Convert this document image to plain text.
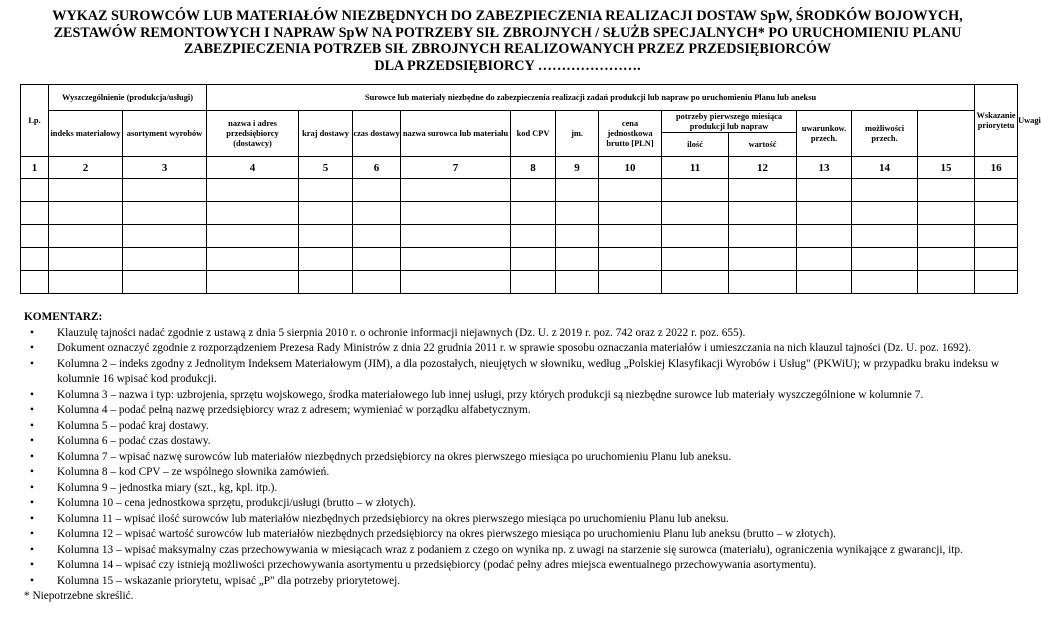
WYKAZ SUROWCÓW LUB MATERIAŁÓW NIEZBĘDNYCH DO ZABEZPIECZENIA REALIZACJI DOSTAW SpW, ŚRODKÓW BOJOWYCH,
ZESTAWÓW REMONTOWYCH I NAPRAW SpW NA POTRZEBY SIŁ ZBROJNYCH / SŁUŻB SPECJALNYCH* PO URUCHOMIENIU PLANU
ZABEZPIECZENIA POTRZEB SIŁ ZBROJNYCH REALIZOWANYCH PRZEZ PRZEDSIĘBIORCÓW
DLA PRZEDSIĘBIORCY ………………….
Lp.	Wyszczególnienie (produkcja/usługi)		Surowce lub materiały niezbędne do zabezpieczenia realizacji zadań produkcji lub napraw po uruchomieniu Planu lub aneksu												Wskazanie priorytetu	Uwagi
	indeks materiałowy	asortyment wyrobów	nazwa i adres przedsiębiorcy (dostawcy)	kraj dostawy	czas dostawy	nazwa surowca lub materiału	kod CPV	jm.	cena jednostkowa brutto [PLN]	potrzeby pierwszego miesiąca produkcji lub napraw		uwarunkow. przech.	możliwości przech.			
										ilość	wartość					
1	2	3	4	5	6	7	8	9	10	11	12	13	14	15	16	

KOMENTARZ:
• Klauzulę tajności nadać zgodnie z ustawą z dnia 5 sierpnia 2010 r. o ochronie informacji niejawnych (Dz. U. z 2019 r. poz. 742 oraz z 2022 r. poz. 655).
• Dokument oznaczyć zgodnie z rozporządzeniem Prezesa Rady Ministrów z dnia 22 grudnia 2011 r. w sprawie sposobu oznaczania materiałów i umieszczania na nich klauzul tajności (Dz. U. poz. 1692).
• Kolumna 2 – indeks zgodny z Jednolitym Indeksem Materiałowym (JIM), a dla pozostałych, nieujętych w słowniku, według „Polskiej Klasyfikacji Wyrobów i Usług" (PKWiU); w przypadku braku indeksu w kolumnie 16 wpisać kod produkcji.
• Kolumna 3 – nazwa i typ: uzbrojenia, sprzętu wojskowego, środka materiałowego lub innej usługi, przy których produkcji są niezbędne surowce lub materiały wyszczególnione w kolumnie 7.
• Kolumna 4 – podać pełną nazwę przedsiębiorcy wraz z adresem; wymieniać w porządku alfabetycznym.
• Kolumna 5 – podać kraj dostawy.
• Kolumna 6 – podać czas dostawy.
• Kolumna 7 – wpisać nazwę surowców lub materiałów niezbędnych przedsiębiorcy na okres pierwszego miesiąca po uruchomieniu Planu lub aneksu.
• Kolumna 8 – kod CPV – ze wspólnego słownika zamówień.
• Kolumna 9 – jednostka miary (szt., kg, kpl. itp.).
• Kolumna 10 – cena jednostkowa sprzętu, produkcji/usługi (brutto – w złotych).
• Kolumna 11 – wpisać ilość surowców lub materiałów niezbędnych przedsiębiorcy na okres pierwszego miesiąca po uruchomieniu Planu lub aneksu.
• Kolumna 12 – wpisać wartość surowców lub materiałów niezbędnych przedsiębiorcy na okres pierwszego miesiąca po uruchomieniu Planu lub aneksu (brutto – w złotych).
• Kolumna 13 – wpisać maksymalny czas przechowywania w miesiącach wraz z podaniem z czego on wynika np. z uwagi na starzenie się surowca (materiału), ograniczenia wynikające z gwarancji, itp.
• Kolumna 14 – wpisać czy istnieją możliwości przechowywania asortymentu u przedsiębiorcy (podać pełny adres miejsca ewentualnego przechowywania asortymentu).
• Kolumna 15 – wskazanie priorytetu, wpisać „P" dla potrzeby priorytetowej.
* Niepotrzebne skreślić.
